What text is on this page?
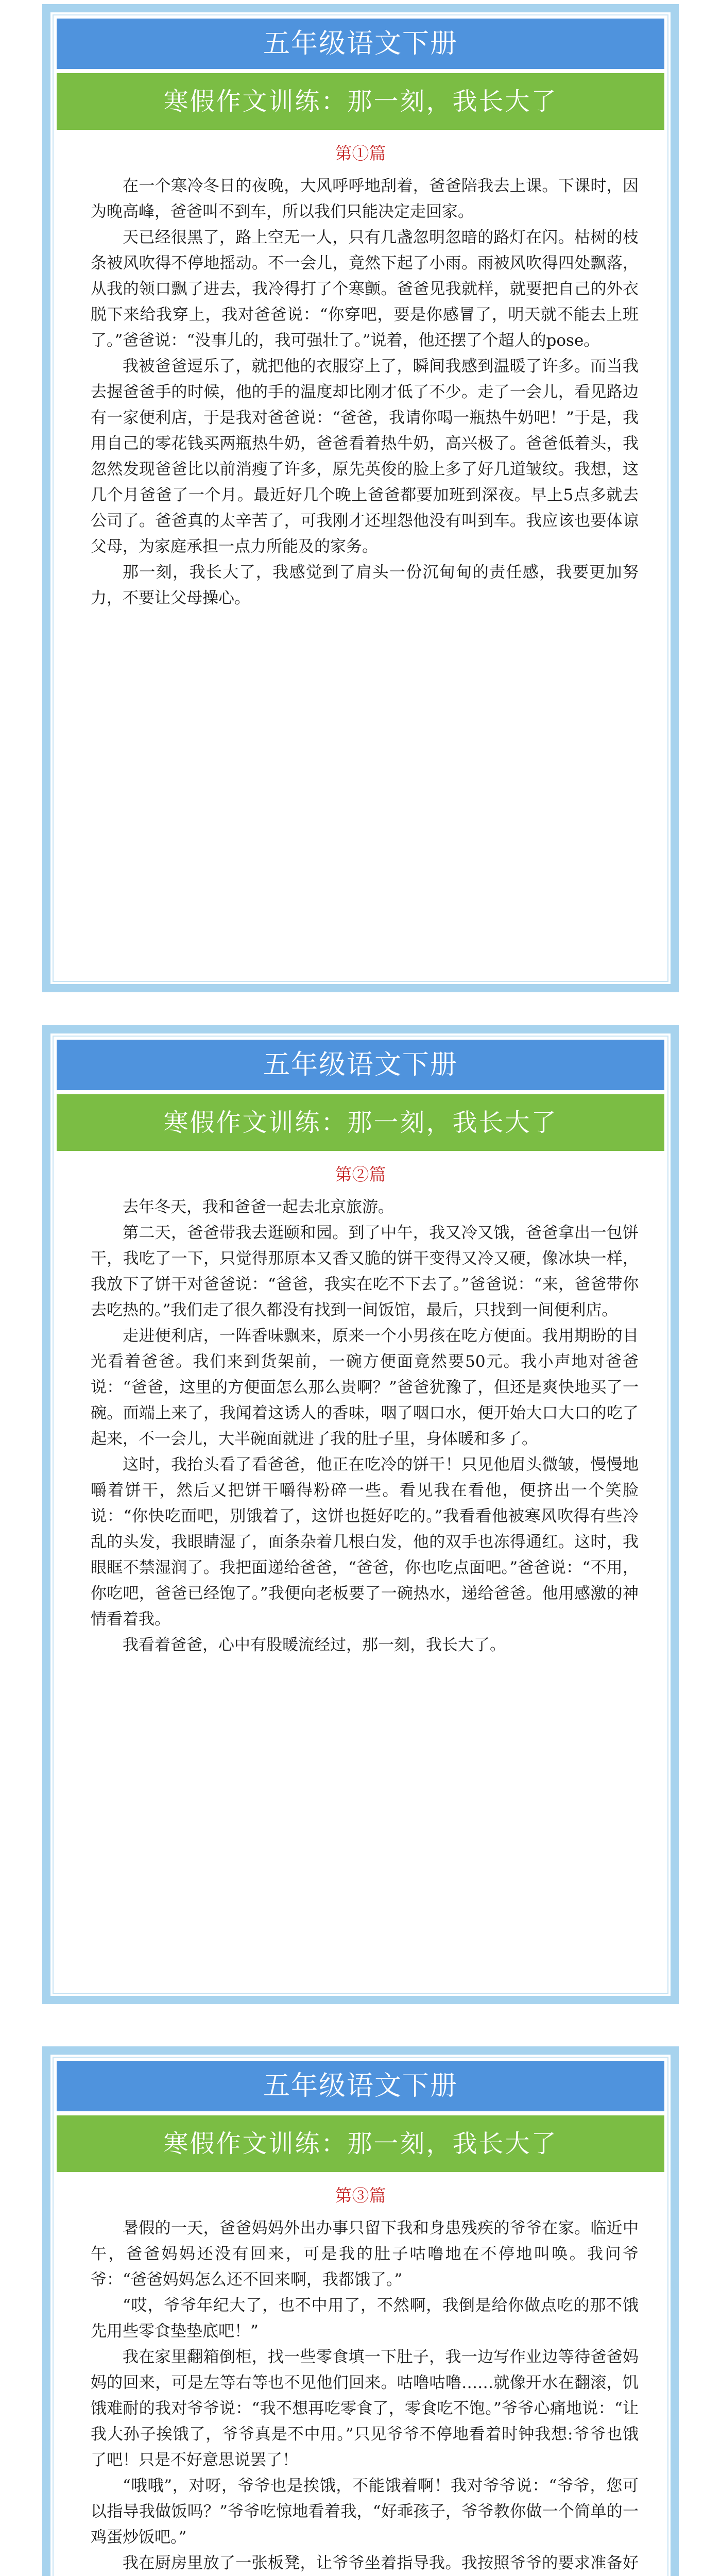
五年级语文下册
寒假作文训练：那一刻，我长大了
第①篇

在一个寒冷冬日的夜晚，大风呼呼地刮着，爸爸陪我去上课。下课时，因为晚高峰，爸爸叫不到车，所以我们只能决定走回家。

天已经很黑了，路上空无一人，只有几盏忽明忽暗的路灯在闪。枯树的枝条被风吹得不停地摇动。不一会儿，竟然下起了小雨。雨被风吹得四处飘落，从我的领口飘了进去，我冷得打了个寒颤。爸爸见我就样，就要把自己的外衣脱下来给我穿上，我对爸爸说：“你穿吧，要是你感冒了，明天就不能去上班了。”爸爸说：“没事儿的，我可强壮了。”说着，他还摆了个超人的pose。

我被爸爸逗乐了，就把他的衣服穿上了，瞬间我感到温暖了许多。而当我去握爸爸手的时候，他的手的温度却比刚才低了不少。走了一会儿，看见路边有一家便利店，于是我对爸爸说：“爸爸，我请你喝一瓶热牛奶吧！”于是，我用自己的零花钱买两瓶热牛奶，爸爸看着热牛奶，高兴极了。爸爸低着头，我忽然发现爸爸比以前消瘦了许多，原先英俊的脸上多了好几道皱纹。我想，这几个月爸爸了一个月。最近好几个晚上爸爸都要加班到深夜。早上5点多就去公司了。爸爸真的太辛苦了，可我刚才还埋怨他没有叫到车。我应该也要体谅父母，为家庭承担一点力所能及的家务。

那一刻，我长大了，我感觉到了肩头一份沉甸甸的责任感，我要更加努力，不要让父母操心。

五年级语文下册
寒假作文训练：那一刻，我长大了
第②篇

去年冬天，我和爸爸一起去北京旅游。

第二天，爸爸带我去逛颐和园。到了中午，我又冷又饿，爸爸拿出一包饼干，我吃了一下，只觉得那原本又香又脆的饼干变得又冷又硬，像冰块一样，我放下了饼干对爸爸说：“爸爸，我实在吃不下去了。”爸爸说：“来，爸爸带你去吃热的。”我们走了很久都没有找到一间饭馆，最后，只找到一间便利店。

走进便利店，一阵香味飘来，原来一个小男孩在吃方便面。我用期盼的目光看着爸爸。我们来到货架前，一碗方便面竟然要50元。我小声地对爸爸说：“爸爸，这里的方便面怎么那么贵啊？”爸爸犹豫了，但还是爽快地买了一碗。面端上来了，我闻着这诱人的香味，咽了咽口水，便开始大口大口的吃了起来，不一会儿，大半碗面就进了我的肚子里，身体暖和多了。

这时，我抬头看了看爸爸，他正在吃冷的饼干！只见他眉头微皱，慢慢地嚼着饼干，然后又把饼干嚼得粉碎一些。看见我在看他，便挤出一个笑脸说：“你快吃面吧，别饿着了，这饼也挺好吃的。”我看看他被寒风吹得有些冷乱的头发，我眼睛湿了，面条杂着几根白发，他的双手也冻得通红。这时，我眼眶不禁湿润了。我把面递给爸爸，“爸爸，你也吃点面吧。”爸爸说：“不用，你吃吧，爸爸已经饱了。”我便向老板要了一碗热水，递给爸爸。他用感激的神情看着我。

我看着爸爸，心中有股暖流经过，那一刻，我长大了。

五年级语文下册
寒假作文训练：那一刻，我长大了
第③篇

暑假的一天，爸爸妈妈外出办事只留下我和身患残疾的爷爷在家。临近中午，爸爸妈妈还没有回来，可是我的肚子咕噜地在不停地叫唤。我问爷爷：“爸爸妈妈怎么还不回来啊，我都饿了。”

“哎，爷爷年纪大了，也不中用了，不然啊，我倒是给你做点吃的那不饿先用些零食垫垫底吧！”

我在家里翻箱倒柜，找一些零食填一下肚子，我一边写作业边等待爸爸妈妈的回来，可是左等右等也不见他们回来。咕噜咕噜……就像开水在翻滚，饥饿难耐的我对爷爷说：“我不想再吃零食了，零食吃不饱。”爷爷心痛地说：“让我大孙子挨饿了，爷爷真是不中用。”只见爷爷不停地看着时钟我想:爷爷也饿了吧！只是不好意思说罢了！

“哦哦”，对呀，爷爷也是挨饿，不能饿着啊！我对爷爷说：“爷爷，您可以指导我做饭吗？”爷爷吃惊地看着我，“好乖孩子，爷爷教你做一个简单的一鸡蛋炒饭吧。”

我在厨房里放了一张板凳，让爷爷坐着指导我。我按照爷爷的要求准备好
